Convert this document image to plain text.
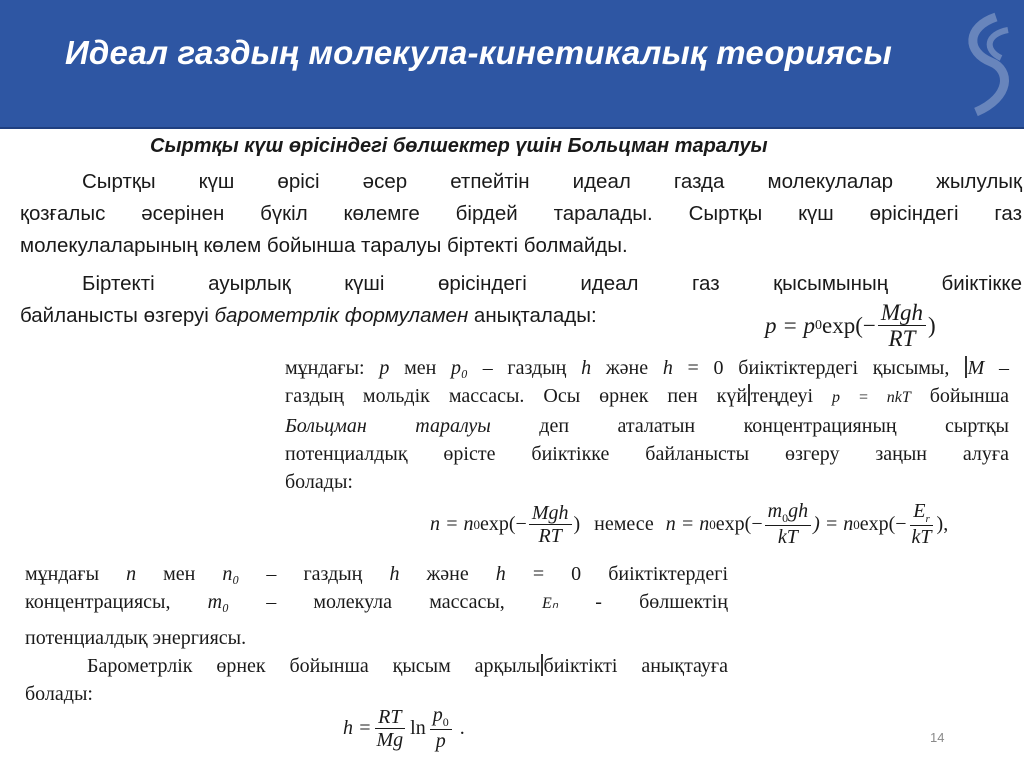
Идеал газдың молекула-кинетикалық теориясы
Сыртқы күш өрісіндегі бөлшектер үшін Больцман таралуы
Сыртқы күш өрісі әсер етпейтін идеал газда молекулалар жылулық
қозғалыс әсерінен бүкіл көлемге бірдей таралады. Сыртқы күш өрісіндегі газ
молекулаларының көлем бойынша таралуы біртекті болмайды.
Біртекті ауырлық күші өрісіндегі идеал газ қысымының биіктікке
байланысты өзгеруі барометрлік формуламен анықталады:	p = p 0 $\exp(- \frac{\text{Mgh}}{RT}$ )
мұндағы: p мен p₀ – газдың h және h = 0 биіктіктердегі қысымы, M –
газдың мольдік массасы. Осы өрнек пен күй теңдеуі p = nkT бойынша
Больцман таралуы деп аталатын концентрацияның сыртқы
потенциалдық өрісте биіктікке байланысты өзгеру заңын алуға
болады:
n = n 0 $\exp(- \frac{\text{Mgh}}{RT}$ ) немесе n = n 0 $\exp(- \frac{m_0gh}{kT}$ ) = n 0 $\exp(- \frac{E_r}{kT}$ ),
мұндағы n мен n₀ – газдың h және h = 0 биіктіктердегі
концентрациясы, m₀ – молекула массасы, Eₙ - бөлшектің
потенциалдық энергиясы.
Барометрлік өрнек бойынша қысым арқылы биіктікті анықтауға
болады:
$h = \frac{RT}{Mg}$ $\ln \frac{p_0}{p}$ .	14
